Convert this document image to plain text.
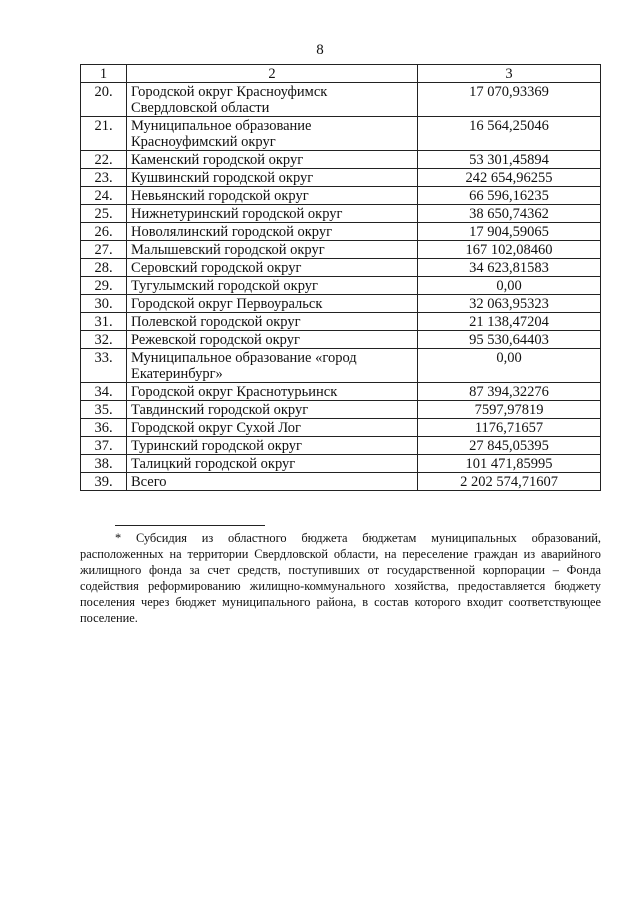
8
1	2	3
20.	Городской округ Красноуфимск Свердловской области	17 070,93369
21.	Муниципальное образование Красноуфимский округ	16 564,25046
22.	Каменский городской округ	53 301,45894
23.	Кушвинский городской округ	242 654,96255
24.	Невьянский городской округ	66 596,16235
25.	Нижнетуринский городской округ	38 650,74362
26.	Новолялинский городской округ	17 904,59065
27.	Малышевский городской округ	167 102,08460
28.	Серовский городской округ	34 623,81583
29.	Тугулымский городской округ	0,00
30.	Городской округ Первоуральск	32 063,95323
31.	Полевской городской округ	21 138,47204
32.	Режевской городской округ	95 530,64403
33.	Муниципальное образование «город Екатеринбург»	0,00
34.	Городской округ Краснотурьинск	87 394,32276
35.	Тавдинский городской округ	7597,97819
36.	Городской округ Сухой Лог	1176,71657
37.	Туринский городской округ	27 845,05395
38.	Талицкий городской округ	101 471,85995
39.	Всего	2 202 574,71607
* Субсидия из областного бюджета бюджетам муниципальных образований, расположенных на территории Свердловской области, на переселение граждан из аварийного жилищного фонда за счет средств, поступивших от государственной корпорации – Фонда содействия реформированию жилищно-коммунального хозяйства, предоставляется бюджету поселения через бюджет муниципального района, в состав которого входит соответствующее поселение.
